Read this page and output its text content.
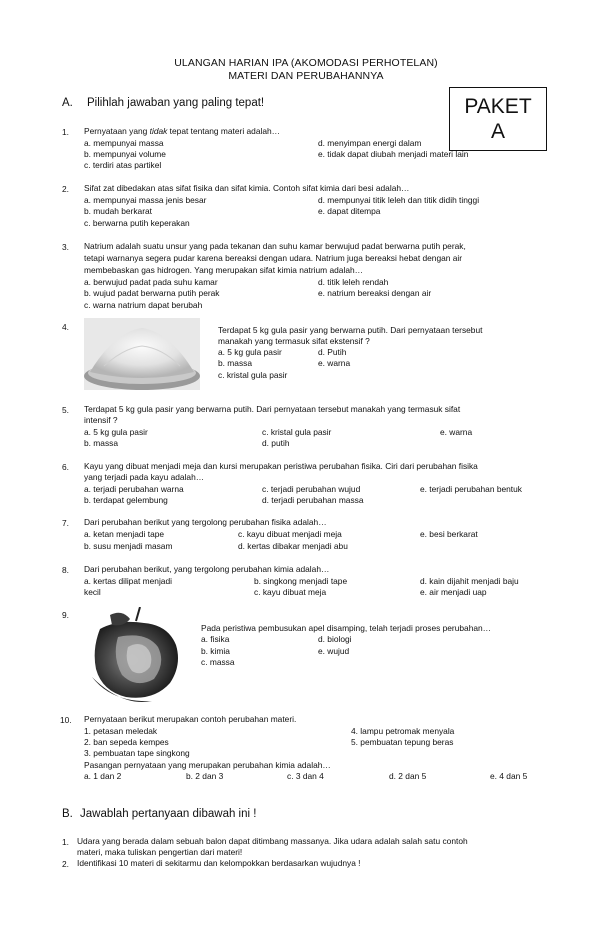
ULANGAN HARIAN IPA (AKOMODASI PERHOTELAN)
MATERI DAN PERUBAHANNYA
PAKET
A
A. Pilihlah jawaban yang paling tepat!
1. Pernyataan yang tidak tepat tentang materi adalah…
a. mempunyai massa
b. mempunyai volume
c. terdiri atas partikel
d. menyimpan energi dalam
e. tidak dapat diubah menjadi materi lain
2. Sifat zat dibedakan atas sifat fisika dan sifat kimia. Contoh sifat kimia dari besi adalah…
a. mempunyai massa jenis besar
b. mudah berkarat
c. berwarna putih keperakan
d. mempunyai titik leleh dan titik didih tinggi
e. dapat ditempa
3. Natrium adalah suatu unsur yang pada tekanan dan suhu kamar berwujud padat berwarna putih perak,
tetapi warnanya segera pudar karena bereaksi dengan udara. Natrium juga bereaksi hebat dengan air
membebaskan gas hidrogen. Yang merupakan sifat kimia natrium adalah…
a. berwujud padat pada suhu kamar
b. wujud padat berwarna putih perak
c. warna natrium dapat berubah
d. titik leleh rendah
e. natrium bereaksi dengan air
4.	Terdapat 5 kg gula pasir yang berwarna putih. Dari pernyataan tersebut
manakah yang termasuk sifat ekstensif ?
a. 5 kg gula pasir
b. massa
c. kristal gula pasir
d. Putih
e. warna
5. Terdapat 5 kg gula pasir yang berwarna putih. Dari pernyataan tersebut manakah yang termasuk sifat
intensif ?
a. 5 kg gula pasir
b. massa
c. kristal gula pasir
d. putih
e. warna
6. Kayu yang dibuat menjadi meja dan kursi merupakan peristiwa perubahan fisika. Ciri dari perubahan fisika
yang terjadi pada kayu adalah…
a. terjadi perubahan warna
b. terdapat gelembung
c. terjadi perubahan wujud
d. terjadi perubahan massa
e. terjadi perubahan bentuk
7. Dari perubahan berikut yang tergolong perubahan fisika adalah…
a. ketan menjadi tape
b. susu menjadi masam
c. kayu dibuat menjadi meja
d. kertas dibakar menjadi abu
e. besi berkarat
8. Dari perubahan berikut, yang tergolong perubahan kimia adalah…
a. kertas dilipat menjadi
kecil
b. singkong menjadi tape
c. kayu dibuat meja
d. kain dijahit menjadi baju
e. air menjadi uap
9.
Pada peristiwa pembusukan apel disamping, telah terjadi proses perubahan…
a. fisika
b. kimia
c. massa
d. biologi
e. wujud
10. Pernyataan berikut merupakan contoh perubahan materi.
1. petasan meledak
2. ban sepeda kempes
3. pembuatan tape singkong
4. lampu petromak menyala
5. pembuatan tepung beras
Pasangan pernyataan yang merupakan perubahan kimia adalah…
a. 1 dan 2	b. 2 dan 3	c. 3 dan 4	d. 2 dan 5	e. 4 dan 5
B. Jawablah pertanyaan dibawah ini !
1. Udara yang berada dalam sebuah balon dapat ditimbang massanya. Jika udara adalah salah satu contoh
materi, maka tuliskan pengertian dari materi!
2. Identifikasi 10 materi di sekitarmu dan kelompokkan berdasarkan wujudnya !
